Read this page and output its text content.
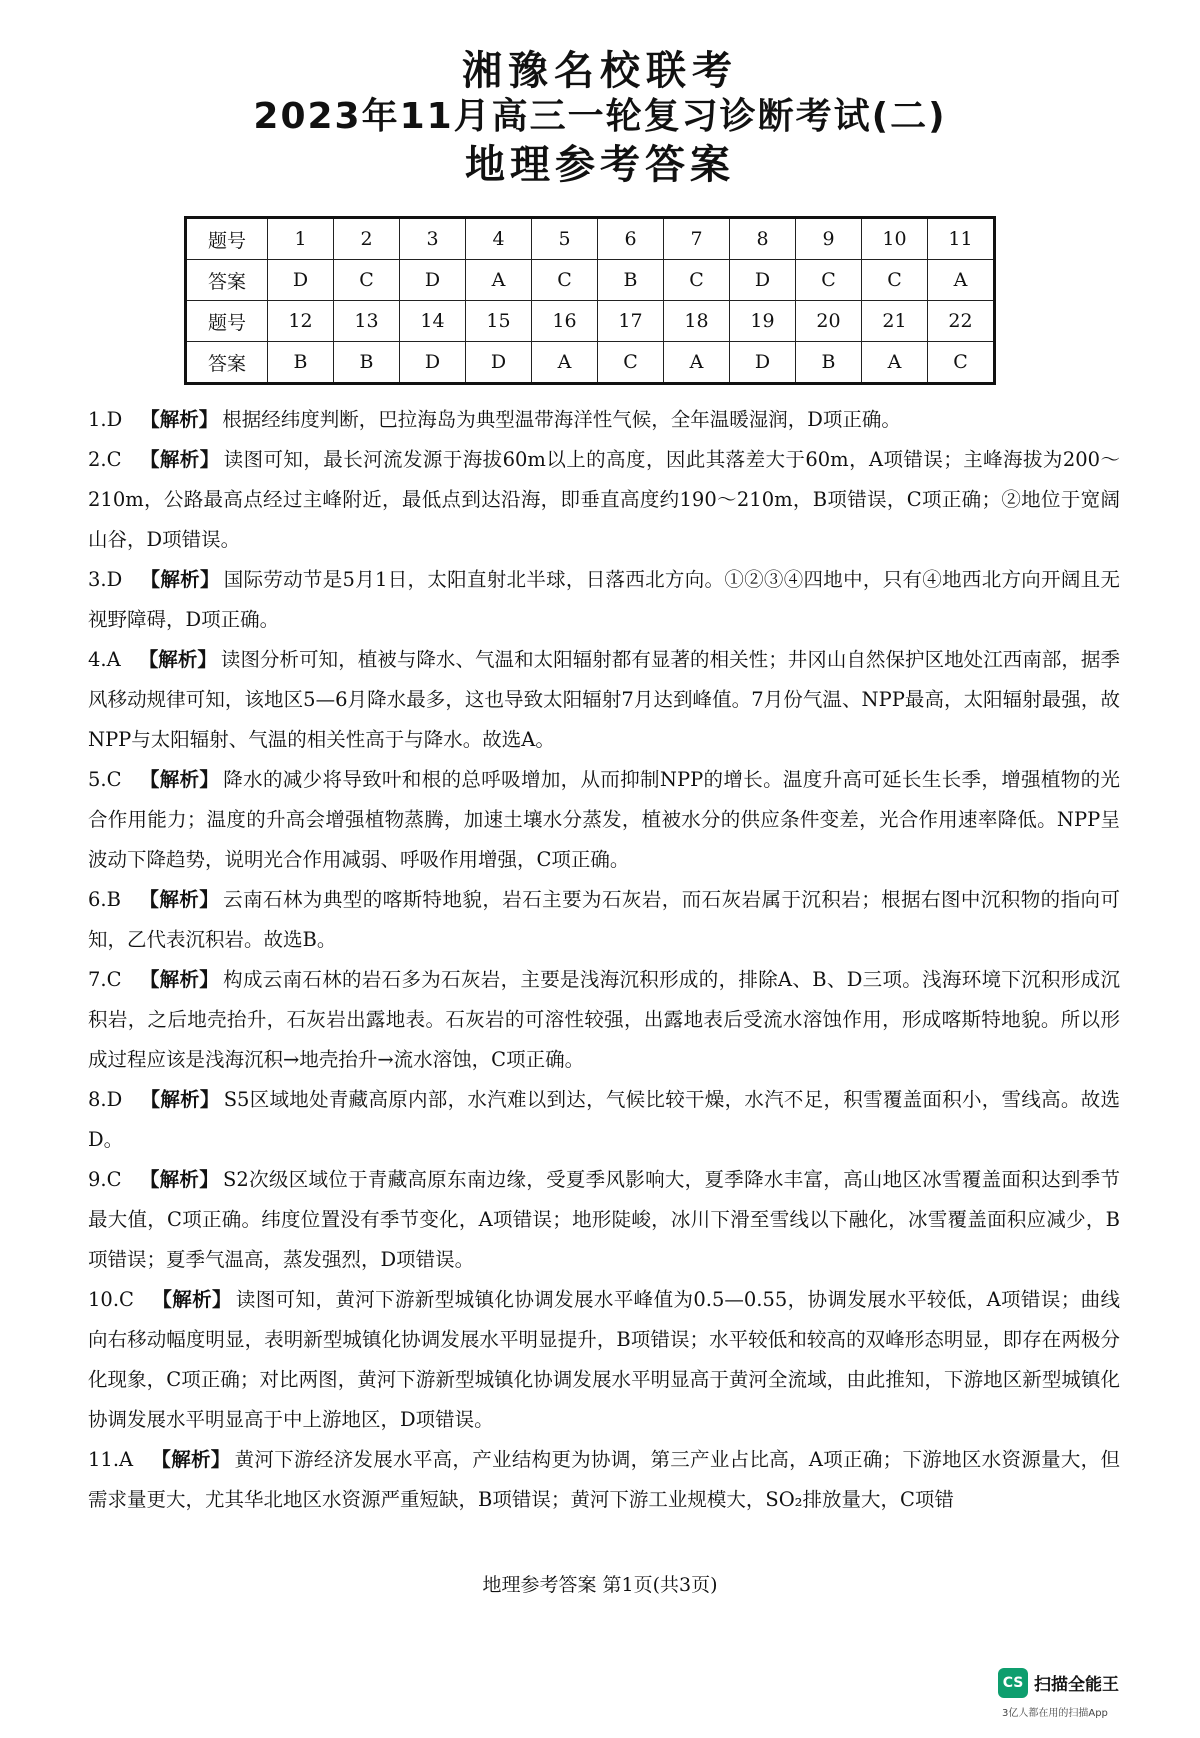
湘豫名校联考
2023年11月高三一轮复习诊断考试(二)
地理参考答案
题号	1	2	3	4	5	6	7	8	9	10	11
答案	D	C	D	A	C	B	C	D	C	C	A
题号	12	13	14	15	16	17	18	19	20	21	22
答案	B	B	D	D	A	C	A	D	B	A	C
1.D 【解析】 根据经纬度判断，巴拉海岛为典型温带海洋性气候，全年温暖湿润，D项正确。
2.C 【解析】 读图可知，最长河流发源于海拔60m以上的高度，因此其落差大于60m，A项错误；主峰海拔为200～210m，公路最高点经过主峰附近，最低点到达沿海，即垂直高度约190～210m，B项错误，C项正确；②地位于宽阔山谷，D项错误。
3.D 【解析】 国际劳动节是5月1日，太阳直射北半球，日落西北方向。①②③④四地中，只有④地西北方向开阔且无视野障碍，D项正确。
4.A 【解析】 读图分析可知，植被与降水、气温和太阳辐射都有显著的相关性；井冈山自然保护区地处江西南部，据季风移动规律可知，该地区5—6月降水最多，这也导致太阳辐射7月达到峰值。7月份气温、NPP最高，太阳辐射最强，故NPP与太阳辐射、气温的相关性高于与降水。故选A。
5.C 【解析】 降水的减少将导致叶和根的总呼吸增加，从而抑制NPP的增长。温度升高可延长生长季，增强植物的光合作用能力；温度的升高会增强植物蒸腾，加速土壤水分蒸发，植被水分的供应条件变差，光合作用速率降低。NPP呈波动下降趋势，说明光合作用减弱、呼吸作用增强，C项正确。
6.B 【解析】 云南石林为典型的喀斯特地貌，岩石主要为石灰岩，而石灰岩属于沉积岩；根据右图中沉积物的指向可知，乙代表沉积岩。故选B。
7.C 【解析】 构成云南石林的岩石多为石灰岩，主要是浅海沉积形成的，排除A、B、D三项。浅海环境下沉积形成沉积岩，之后地壳抬升，石灰岩出露地表。石灰岩的可溶性较强，出露地表后受流水溶蚀作用，形成喀斯特地貌。所以形成过程应该是浅海沉积→地壳抬升→流水溶蚀，C项正确。
8.D 【解析】 S5区域地处青藏高原内部，水汽难以到达，气候比较干燥，水汽不足，积雪覆盖面积小，雪线高。故选D。
9.C 【解析】 S2次级区域位于青藏高原东南边缘，受夏季风影响大，夏季降水丰富，高山地区冰雪覆盖面积达到季节最大值，C项正确。纬度位置没有季节变化，A项错误；地形陡峻，冰川下滑至雪线以下融化，冰雪覆盖面积应减少，B项错误；夏季气温高，蒸发强烈，D项错误。
10.C 【解析】 读图可知，黄河下游新型城镇化协调发展水平峰值为0.5—0.55，协调发展水平较低，A项错误；曲线向右移动幅度明显，表明新型城镇化协调发展水平明显提升，B项错误；水平较低和较高的双峰形态明显，即存在两极分化现象，C项正确；对比两图，黄河下游新型城镇化协调发展水平明显高于黄河全流域，由此推知，下游地区新型城镇化协调发展水平明显高于中上游地区，D项错误。
11.A 【解析】 黄河下游经济发展水平高，产业结构更为协调，第三产业占比高，A项正确；下游地区水资源量大，但需求量更大，尤其华北地区水资源严重短缺，B项错误；黄河下游工业规模大，SO₂排放量大，C项错
地理参考答案 第1页(共3页)
CS 扫描全能王
3亿人都在用的扫描App
